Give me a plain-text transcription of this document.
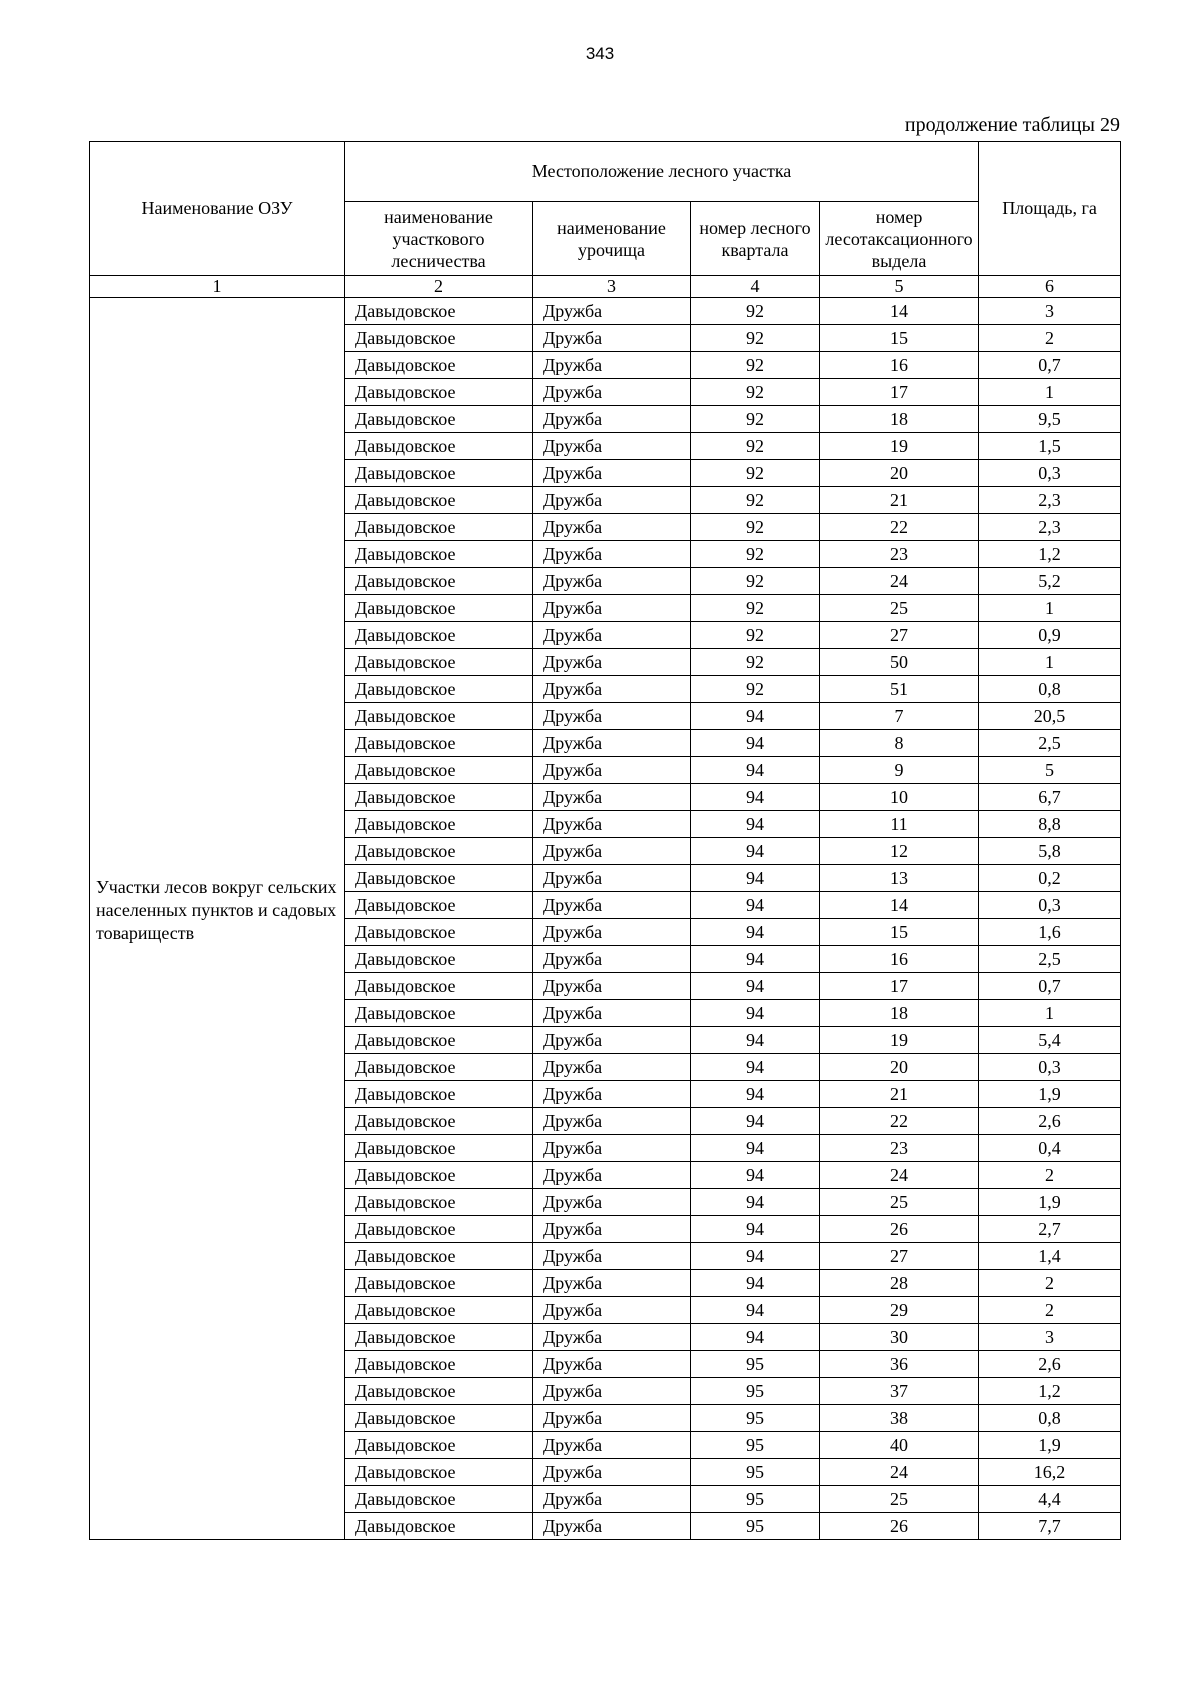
343
продолжение таблицы 29
Наименование ОЗУ	Местоположение лесного участка				Площадь, га
	наименование участкового лесничества	наименование урочища	номер лесного квартала	номер лесотаксационного выдела	
1	2	3	4	5	6
Участки лесов вокруг сельских населенных пунктов и садовых товариществ	Давыдовское	Дружба	92	14	3
	Давыдовское	Дружба	92	15	2
	Давыдовское	Дружба	92	16	0,7
	Давыдовское	Дружба	92	17	1
	Давыдовское	Дружба	92	18	9,5
	Давыдовское	Дружба	92	19	1,5
	Давыдовское	Дружба	92	20	0,3
	Давыдовское	Дружба	92	21	2,3
	Давыдовское	Дружба	92	22	2,3
	Давыдовское	Дружба	92	23	1,2
	Давыдовское	Дружба	92	24	5,2
	Давыдовское	Дружба	92	25	1
	Давыдовское	Дружба	92	27	0,9
	Давыдовское	Дружба	92	50	1
	Давыдовское	Дружба	92	51	0,8
	Давыдовское	Дружба	94	7	20,5
	Давыдовское	Дружба	94	8	2,5
	Давыдовское	Дружба	94	9	5
	Давыдовское	Дружба	94	10	6,7
	Давыдовское	Дружба	94	11	8,8
	Давыдовское	Дружба	94	12	5,8
	Давыдовское	Дружба	94	13	0,2
	Давыдовское	Дружба	94	14	0,3
	Давыдовское	Дружба	94	15	1,6
	Давыдовское	Дружба	94	16	2,5
	Давыдовское	Дружба	94	17	0,7
	Давыдовское	Дружба	94	18	1
	Давыдовское	Дружба	94	19	5,4
	Давыдовское	Дружба	94	20	0,3
	Давыдовское	Дружба	94	21	1,9
	Давыдовское	Дружба	94	22	2,6
	Давыдовское	Дружба	94	23	0,4
	Давыдовское	Дружба	94	24	2
	Давыдовское	Дружба	94	25	1,9
	Давыдовское	Дружба	94	26	2,7
	Давыдовское	Дружба	94	27	1,4
	Давыдовское	Дружба	94	28	2
	Давыдовское	Дружба	94	29	2
	Давыдовское	Дружба	94	30	3
	Давыдовское	Дружба	95	36	2,6
	Давыдовское	Дружба	95	37	1,2
	Давыдовское	Дружба	95	38	0,8
	Давыдовское	Дружба	95	40	1,9
	Давыдовское	Дружба	95	24	16,2
	Давыдовское	Дружба	95	25	4,4
	Давыдовское	Дружба	95	26	7,7
